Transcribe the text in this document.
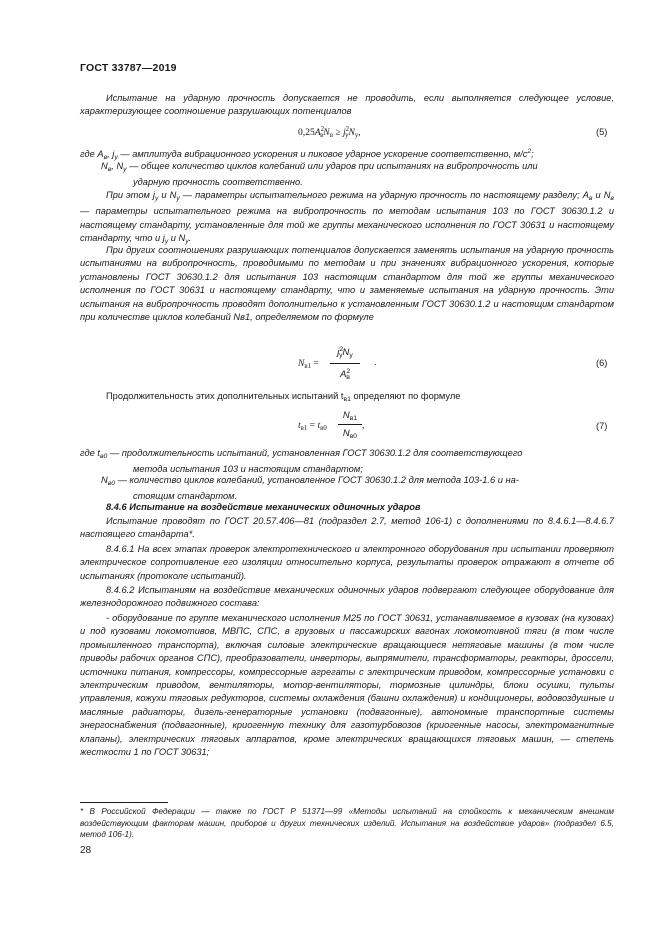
ГОСТ 33787—2019
Испытание на ударную прочность допускается не проводить, если выполняется следующее условие, характеризующее соотношение разрушающих потенциалов
$0,25A^2_вN_в \ge j^2_yN_y$,	(5)
где $A_в$, $j_y$ — амплитуда вибрационного ускорения и пиковое ударное ускорение соответственно, $м/с^2$;
$N_в$, $N_y$ — общее количество циклов колебаний или ударов при испытаниях на вибропрочность или
ударную прочность соответственно.
При этом $j_y$ и $N_y$ — параметры испытательного режима на ударную прочность по настоящему разделу; $A_в$ и $N_в$ — параметры испытательного режима на вибропрочность по методам испытания 103 по ГОСТ 30630.1.2 и настоящему стандарту, установленные для той же группы механического исполнения по ГОСТ 30631 и настоящему стандарту, что и $j_y$ и $N_y$.
При других соотношениях разрушающих потенциалов допускается заменять испытания на ударную прочность испытаниями на вибропрочность, проводимыми по методам и при значениях вибрационного ускорения, которые установлены ГОСТ 30630.1.2 для испытания 103 настоящим стандартом для той же группы механического исполнения по ГОСТ 30631 и настоящему стандарту, что и заменяемые испытания на ударную прочность. Эти испытания на вибропрочность проводят дополнительно к установленным ГОСТ 30630.1.2 и настоящим стандартом при количестве циклов колебаний Nв1, определяемом по формуле
$N_{в1}$ =
$j^2_yN_y$
$A^2_в$
.	(6)
Продолжительность этих дополнительных испытаний $t_{в1}$ определяют по формуле
$t_{в1} = t_{в0}$
$N_{в1}$
$N_{в0}$
,	(7)
где $t_{в0}$ — продолжительность испытаний, установленная ГОСТ 30630.1.2 для соответствующего
метода испытания 103 и настоящим стандартом;
$N_{в0}$ — количество циклов колебаний, установленное ГОСТ 30630.1.2 для метода 103-1.6 и на-
стоящим стандартом.
8.4.6 Испытание на воздействие механических одиночных ударов
Испытание проводят по ГОСТ 20.57.406—81 (подраздел 2.7, метод 106-1) с дополнениями по 8.4.6.1—8.4.6.7 настоящего стандарта*.
8.4.6.1 На всех этапах проверок электротехнического и электронного оборудования при испытании проверяют электрическое сопротивление его изоляции относительно корпуса, результаты проверок отражают в отчете об испытаниях (протоколе испытаний).
8.4.6.2 Испытаниям на воздействие механических одиночных ударов подвергают следующее оборудование для железнодорожного подвижного состава:
- оборудование по группе механического исполнения М25 по ГОСТ 30631, устанавливаемое в кузовах (на кузовах) и под кузовами локомотивов, МВПС, СПС, в грузовых и пассажирских вагонах локомотивной тяги (в том числе промышленного транспорта), включая силовые электрические вращающиеся нетяговые машины (в том числе приводы рабочих органов СПС), преобразователи, инверторы, выпрямители, трансформаторы, реакторы, дроссели, источники питания, компрессоры, компрессорные агрегаты с электрическим приводом, компрессорные установки с электрическим приводом, вентиляторы, мотор-вентиляторы, тормозные цилиндры, блоки осушки, пульты управления, кожухи тяговых редукторов, системы охлаждения (башни охлаждения) и кондиционеры, водовоздушные и масляные радиаторы, дизель-генераторные установки (подвагонные), автономные транспортные системы энергоснабжения (подвагонные), криогенную технику для газотурбовозов (криогенные насосы, электромагнитные клапаны), электрических тяговых аппаратов, кроме электрических вращающихся тяговых машин, — степень жесткости 1 по ГОСТ 30631;
* В Российской Федерации — также по ГОСТ Р 51371—99 «Методы испытаний на стойкость к механическим внешним воздействующим факторам машин, приборов и других технических изделий. Испытания на воздействие ударов» (подраздел 6.5, метод 106-1).
28
